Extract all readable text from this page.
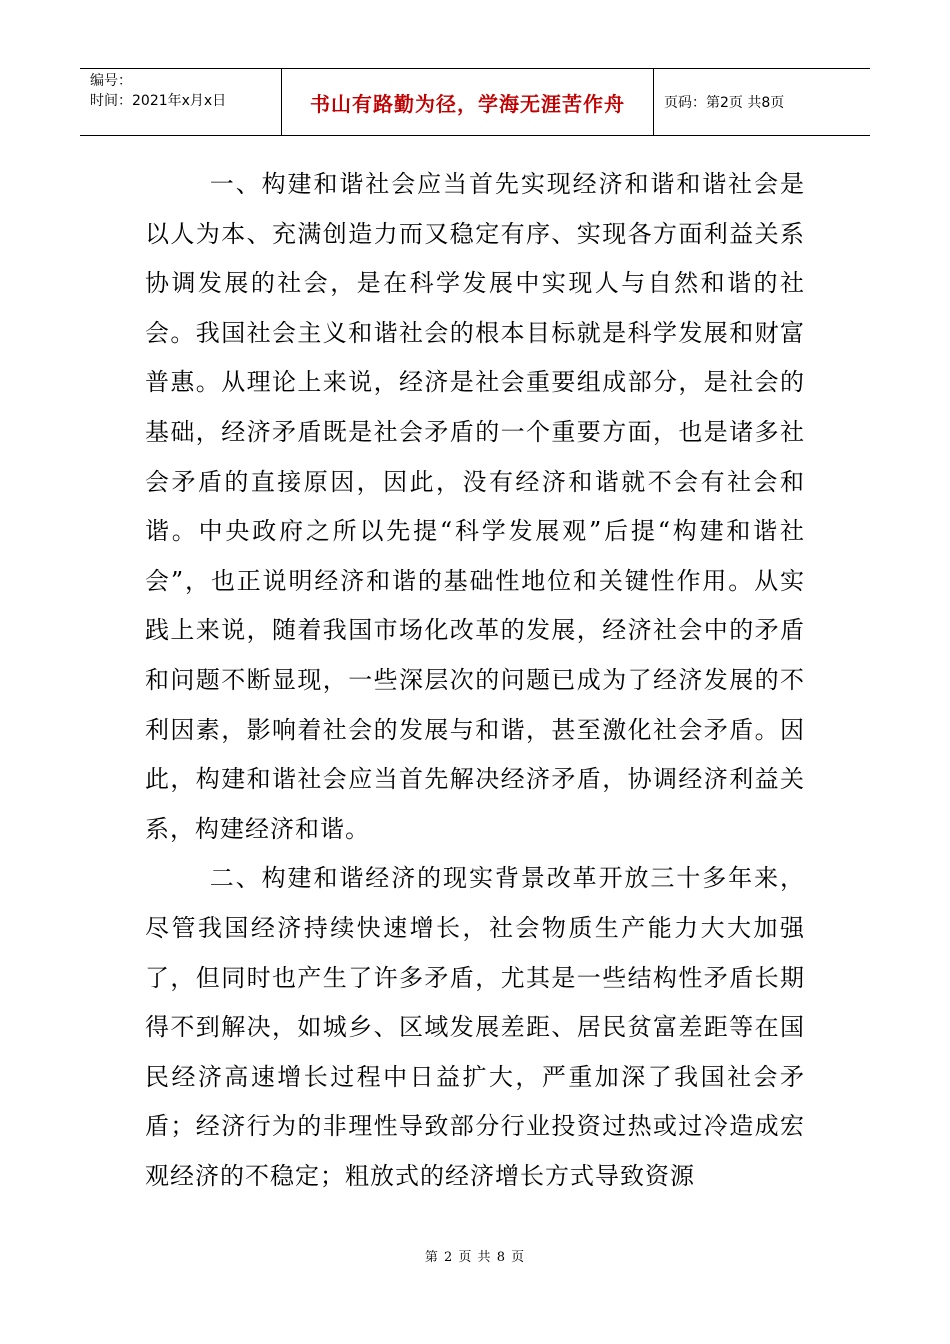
编号：
时间：2021年x月x日	书山有路勤为径，学海无涯苦作舟	页码：第2页 共8页

一、构建和谐社会应当首先实现经济和谐和谐社会是以人为本、充满创造力而又稳定有序、实现各方面利益关系协调发展的社会，是在科学发展中实现人与自然和谐的社会。我国社会主义和谐社会的根本目标就是科学发展和财富普惠。从理论上来说，经济是社会重要组成部分，是社会的基础，经济矛盾既是社会矛盾的一个重要方面，也是诸多社会矛盾的直接原因，因此，没有经济和谐就不会有社会和谐。中央政府之所以先提“科学发展观”后提“构建和谐社会”，也正说明经济和谐的基础性地位和关键性作用。从实践上来说，随着我国市场化改革的发展，经济社会中的矛盾和问题不断显现，一些深层次的问题已成为了经济发展的不利因素，影响着社会的发展与和谐，甚至激化社会矛盾。因此，构建和谐社会应当首先解决经济矛盾，协调经济利益关系，构建经济和谐。

二、构建和谐经济的现实背景改革开放三十多年来，尽管我国经济持续快速增长，社会物质生产能力大大加强了，但同时也产生了许多矛盾，尤其是一些结构性矛盾长期得不到解决，如城乡、区域发展差距、居民贫富差距等在国民经济高速增长过程中日益扩大，严重加深了我国社会矛盾；经济行为的非理性导致部分行业投资过热或过冷造成宏观经济的不稳定；粗放式的经济增长方式导致资源

第 2 页 共 8 页
